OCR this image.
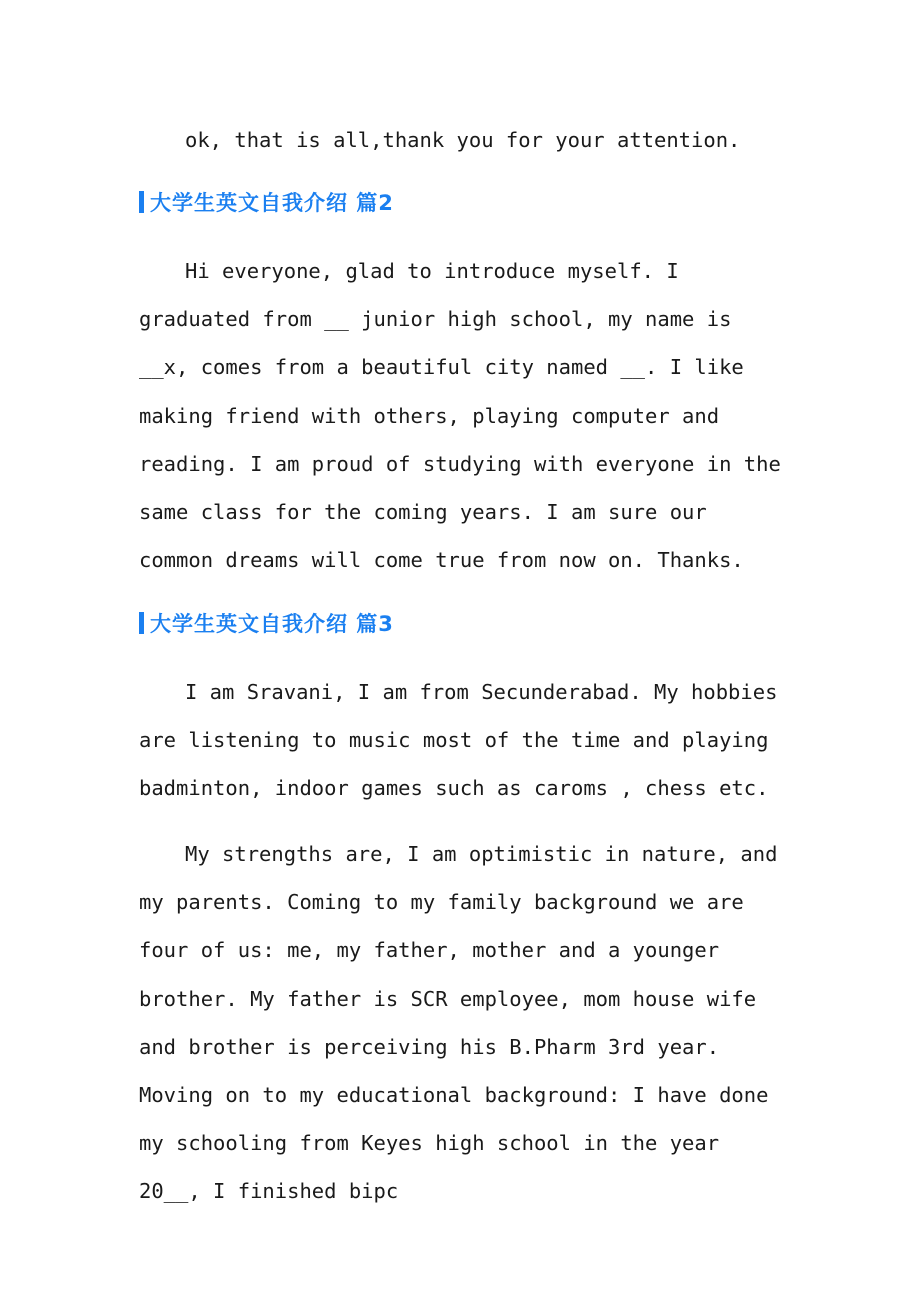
ok, that is all,thank you for your attention.

大学生英文自我介绍 篇2

Hi everyone, glad to introduce myself. I graduated from __ junior high school, my name is __x, comes from a beautiful city named __. I like making friend with others, playing computer and reading. I am proud of studying with everyone in the same class for the coming years. I am sure our common dreams will come true from now on. Thanks.

大学生英文自我介绍 篇3

I am Sravani, I am from Secunderabad. My hobbies are listening to music most of the time and playing badminton, indoor games such as caroms , chess etc.

My strengths are, I am optimistic in nature, and my parents. Coming to my family background we are four of us: me, my father, mother and a younger brother. My father is SCR employee, mom house wife and brother is perceiving his B.Pharm 3rd year. Moving on to my educational background: I have done my schooling from Keyes high school in the year 20__, I finished bipc
